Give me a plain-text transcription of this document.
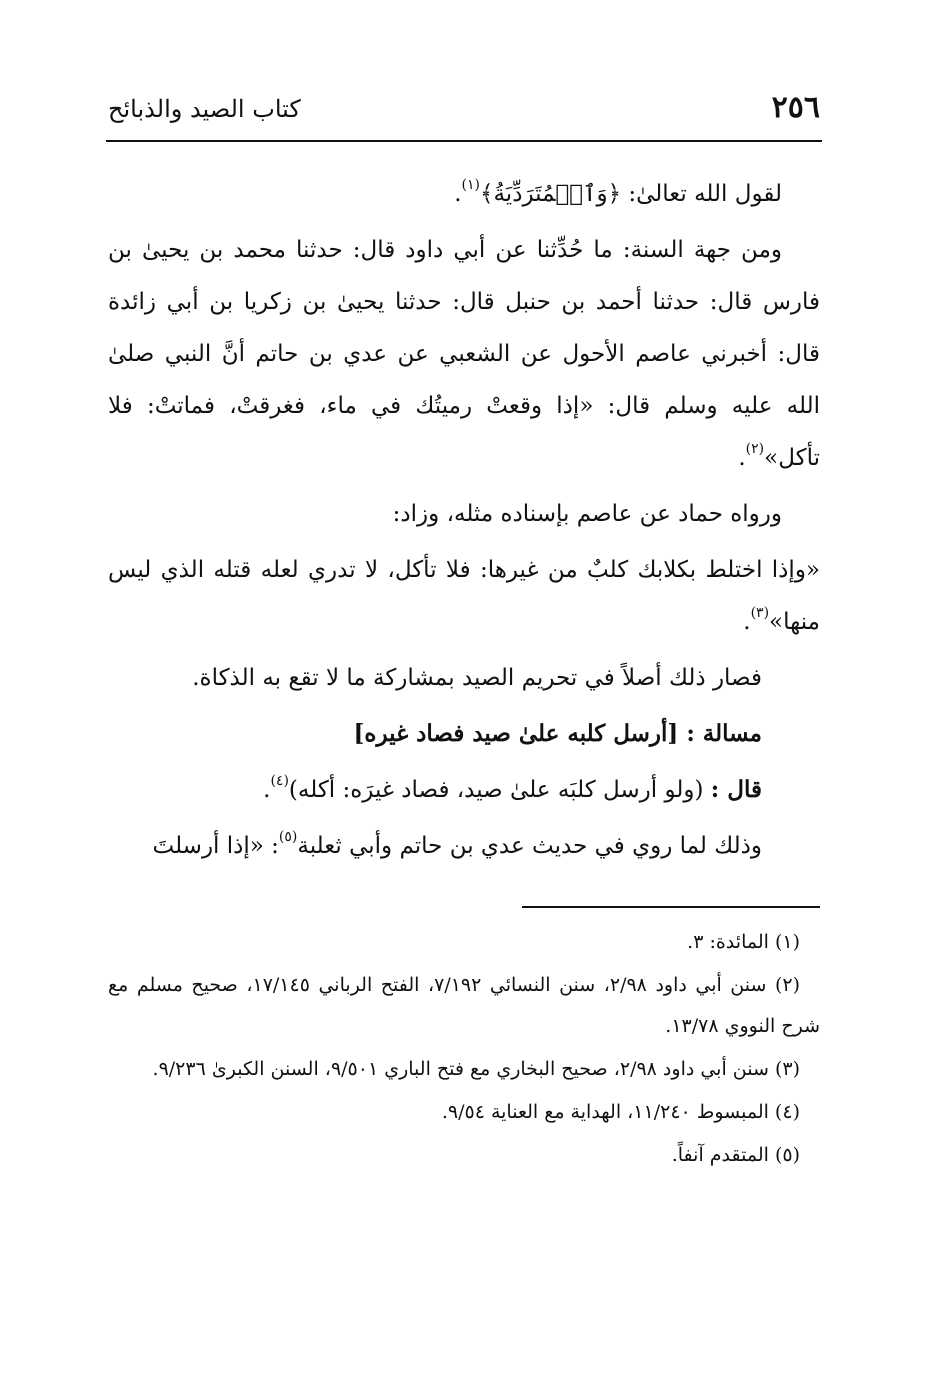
٢٥٦
كتاب الصيد والذبائح

لقول الله تعالىٰ: ﴿وَٱلۡمُتَرَدِّيَةُ﴾$^{(١)}$.

ومن جهة السنة: ما حُدِّثنا عن أبي داود قال: حدثنا محمد بن يحيىٰ بن فارس قال: حدثنا أحمد بن حنبل قال: حدثنا يحيىٰ بن زكريا بن أبي زائدة قال: أخبرني عاصم الأحول عن الشعبي عن عدي بن حاتم أنَّ النبي صلىٰ الله عليه وسلم قال: «إذا وقعتْ رميتُك في ماء، فغرقتْ، فماتتْ: فلا تأكل»$^{(٢)}$.

ورواه حماد عن عاصم بإسناده مثله، وزاد:

«وإذا اختلط بكلابك كلبٌ من غيرها: فلا تأكل، لا تدري لعله قتله الذي ليس منها»$^{(٣)}$.

فصار ذلك أصلاً في تحريم الصيد بمشاركة ما لا تقع به الذكاة.

مسالة : [أرسل كلبه علىٰ صيد فصاد غيره]

قال : (ولو أرسل كلبَه علىٰ صيد، فصاد غيرَه: أكله)$^{(٤)}$.

وذلك لما روي في حديث عدي بن حاتم وأبي ثعلبة$^{(٥)}$: «إذا أرسلتَ

(١) المائدة: ٣.

(٢) سنن أبي داود ٢/٩٨، سنن النسائي ٧/١٩٢، الفتح الرباني ١٧/١٤٥، صحيح مسلم مع شرح النووي ١٣/٧٨.

(٣) سنن أبي داود ٢/٩٨، صحيح البخاري مع فتح الباري ٩/٥٠١، السنن الكبرىٰ ٩/٢٣٦.

(٤) المبسوط ١١/٢٤٠، الهداية مع العناية ٩/٥٤.

(٥) المتقدم آنفاً.
